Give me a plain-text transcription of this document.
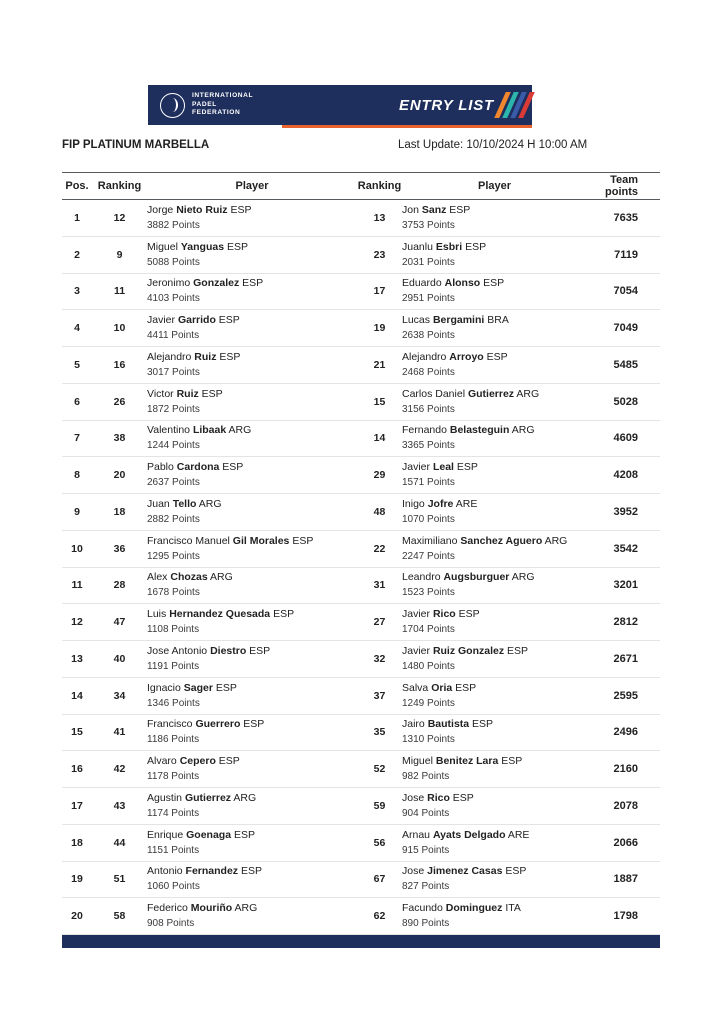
INTERNATIONAL
PADEL
FEDERATION	ENTRY LIST
FIP PLATINUM MARBELLA	Last Update: 10/10/2024 H 10:00 AM
Pos. Ranking	Player	Ranking	Player	Team points
1	12
Jorge Nieto Ruiz ESP
3882 Points
13
Jon Sanz ESP
3753 Points
7635
2	9
Miguel Yanguas ESP
5088 Points
23
Juanlu Esbri ESP
2031 Points
7119
3	11
Jeronimo Gonzalez ESP
4103 Points
17
Eduardo Alonso ESP
2951 Points
7054
4	10
Javier Garrido ESP
4411 Points
19
Lucas Bergamini BRA
2638 Points
7049
5	16
Alejandro Ruiz ESP
3017 Points
21
Alejandro Arroyo ESP
2468 Points
5485
6	26
Victor Ruiz ESP
1872 Points
15
Carlos Daniel Gutierrez ARG
3156 Points
5028
7	38
Valentino Libaak ARG
1244 Points
14
Fernando Belasteguin ARG
3365 Points
4609
8	20
Pablo Cardona ESP
2637 Points
29
Javier Leal ESP
1571 Points
4208
9	18
Juan Tello ARG
2882 Points
48
Inigo Jofre ARE
1070 Points
3952
10	36
Francisco Manuel Gil Morales ESP
1295 Points
22
Maximiliano Sanchez Aguero ARG
2247 Points
3542
11	28
Alex Chozas ARG
1678 Points
31
Leandro Augsburguer ARG
1523 Points
3201
12	47
Luis Hernandez Quesada ESP
1108 Points
27
Javier Rico ESP
1704 Points
2812
13	40
Jose Antonio Diestro ESP
1191 Points
32
Javier Ruiz Gonzalez ESP
1480 Points
2671
14	34
Ignacio Sager ESP
1346 Points
37
Salva Oria ESP
1249 Points
2595
15	41
Francisco Guerrero ESP
1186 Points
35
Jairo Bautista ESP
1310 Points
2496
16	42
Alvaro Cepero ESP
1178 Points
52
Miguel Benitez Lara ESP
982 Points
2160
17	43
Agustin Gutierrez ARG
1174 Points
59
Jose Rico ESP
904 Points
2078
18	44
Enrique Goenaga ESP
1151 Points
56
Arnau Ayats Delgado ARE
915 Points
2066
19	51
Antonio Fernandez ESP
1060 Points
67
Jose Jimenez Casas ESP
827 Points
1887
20	58
Federico Mouriño ARG
908 Points
62
Facundo Dominguez ITA
890 Points
1798
